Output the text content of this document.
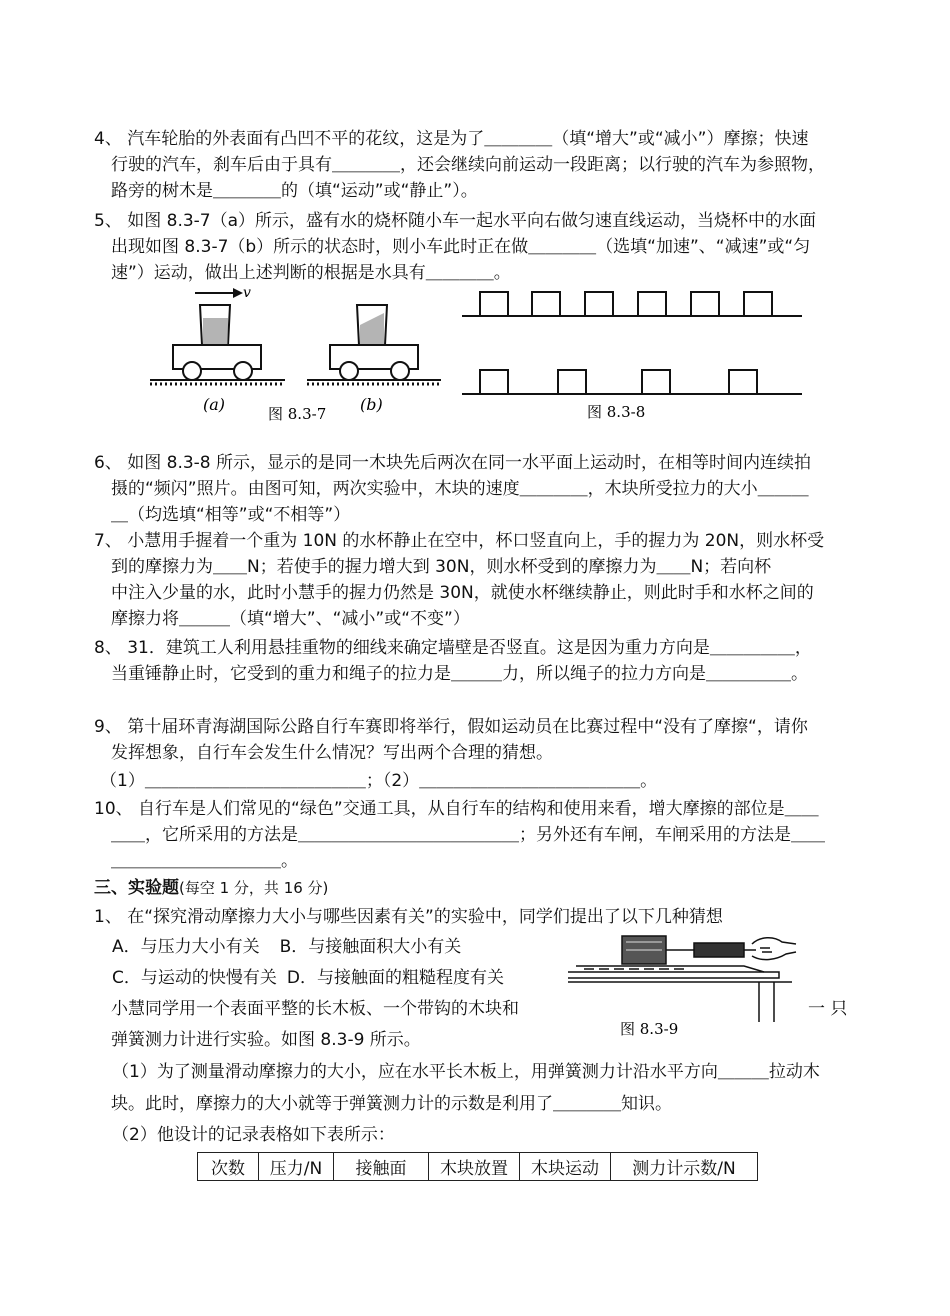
4、 汽车轮胎的外表面有凸凹不平的花纹，这是为了＿＿＿＿（填“增大”或“减小”）摩擦；快速
行驶的汽车，刹车后由于具有＿＿＿＿，还会继续向前运动一段距离；以行驶的汽车为参照物，
路旁的树木是＿＿＿＿的（填“运动”或“静止”）。
5、 如图 8.3-7（a）所示，盛有水的烧杯随小车一起水平向右做匀速直线运动，当烧杯中的水面
出现如图 8.3-7（b）所示的状态时，则小车此时正在做＿＿＿＿（选填“加速”、“减速”或“匀
速”）运动，做出上述判断的根据是水具有＿＿＿＿。
v
(a)	(b)
图 8.3-7	图 8.3-8
6、 如图 8.3-8 所示，显示的是同一木块先后两次在同一水平面上运动时，在相等时间内连续拍
摄的“频闪”照片。由图可知，两次实验中，木块的速度＿＿＿＿，木块所受拉力的大小＿＿＿
＿（均选填“相等”或“不相等”）
7、 小慧用手握着一个重为 10N 的水杯静止在空中，杯口竖直向上，手的握力为 20N，则水杯受
到的摩擦力为＿＿N；若使手的握力增大到 30N，则水杯受到的摩擦力为＿＿N；若向杯
中注入少量的水，此时小慧手的握力仍然是 30N，就使水杯继续静止，则此时手和水杯之间的
摩擦力将＿＿＿（填“增大”、“减小”或“不变”）
8、 31．建筑工人利用悬挂重物的细线来确定墙壁是否竖直。这是因为重力方向是＿＿＿＿＿，
当重锤静止时，它受到的重力和绳子的拉力是＿＿＿力，所以绳子的拉力方向是＿＿＿＿＿。
9、 第十届环青海湖国际公路自行车赛即将举行，假如运动员在比赛过程中“没有了摩擦“，请你
发挥想象，自行车会发生什么情况？写出两个合理的猜想。
（1）＿＿＿＿＿＿＿＿＿＿＿＿＿；（2）＿＿＿＿＿＿＿＿＿＿＿＿＿。
10、 自行车是人们常见的“绿色”交通工具，从自行车的结构和使用来看，增大摩擦的部位是＿＿
＿＿，它所采用的方法是＿＿＿＿＿＿＿＿＿＿＿＿＿；另外还有车闸，车闸采用的方法是＿＿
＿＿＿＿＿＿＿＿＿＿。
三、实验题(每空 1 分，共 16 分)
1、 在“探究滑动摩擦力大小与哪些因素有关”的实验中，同学们提出了以下几种猜想
A．与压力大小有关 B．与接触面积大小有关
C．与运动的快慢有关 D．与接触面的粗糙程度有关
小慧同学用一个表面平整的长木板、一个带钩的木块和	一 只
图 8.3-9
弹簧测力计进行实验。如图 8.3-9 所示。
（1）为了测量滑动摩擦力的大小，应在水平长木板上，用弹簧测力计沿水平方向＿＿＿拉动木
块。此时，摩擦力的大小就等于弹簧测力计的示数是利用了＿＿＿＿知识。
（2）他设计的记录表格如下表所示：
次数	压力/N	接触面	木块放置	木块运动	测力计示数/N
